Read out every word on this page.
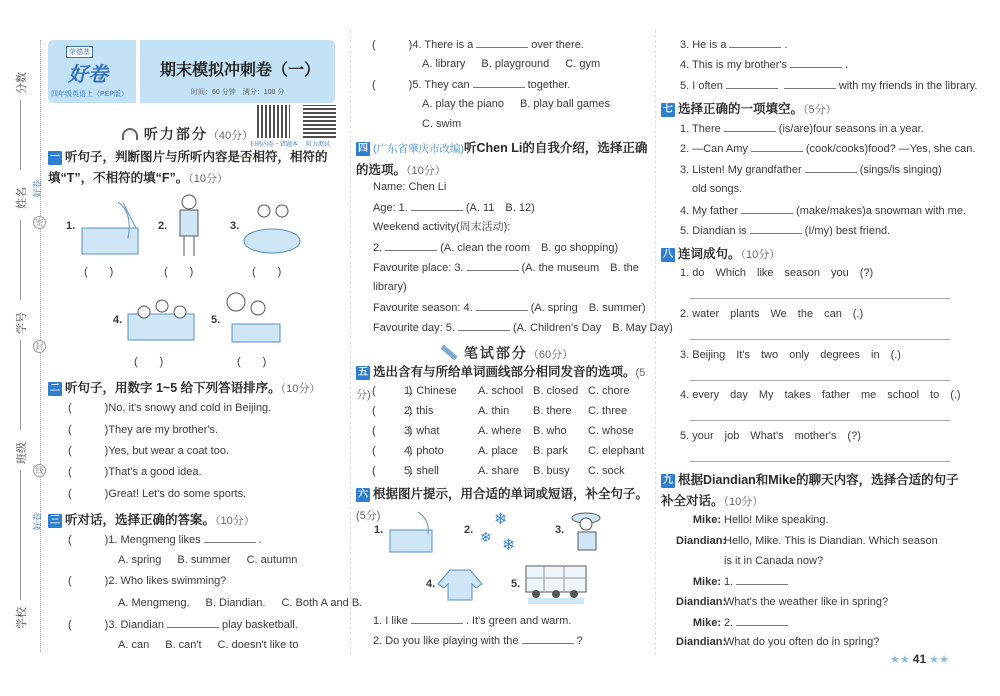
分数
姓名
学号
班级
学校
好卷
好卷
密
封
线
荣德基
好卷
四年级英语上（PEP版）
期末模拟冲刺卷（一）
时间：60 分钟　满分：100 分
扫码内卷・错题本 听力测试
听力部分（40分）
笔试部分（60分）
1.	2.	3.
(　　)	(　　)	(　　)
4.	5.
(　　)	(　　)
1.	2.
❄
❄ ❄
3.
4.	5.
一 听句子，判断图片与所听内容是否相符，相符的填“T”，不相符的填“F”。（10分）
二 听句子，用数字 1~5 给下列答语排序。（10分）
(　　　)No, it's snowy and cold in Beijing.
(　　　)They are my brother's.
(　　　)Yes, but wear a coat too.
(　　　)That's a good idea.
(　　　)Great! Let's do some sports.
三 听对话，选择正确的答案。（10分）
(　　　)1. Mengmeng likes	.
A. spring B. summer C. autumn
(　　　)2. Who likes swimming?
A. Mengmeng. B. Diandian. C. Both A and B.
(　　　)3. Diandian	play basketball.
A. can B. can't C. doesn't like to
(　　　)4. There is a	over there.
A. library B. playground C. gym
(　　　)5. They can	together.
A. play the piano B. play ball games
C. swim
四 (广东省肇庆市改编)听Chen Li的自我介绍，选择正确的选项。（10分）
Name: Chen Li
Age: 1.	(A. 11　B. 12)
Weekend activity(周末活动):
2.	(A. clean the room　B. go shopping)
Favourite place: 3.	(A. the museum　B. the
library)
Favourite season: 4.	(A. spring　B. summer)
Favourite day: 5.	(A. Children's Day　B. May Day)
五 选出含有与所给单词画线部分相同发音的选项。(5分) (　　　)
1. Chinese A. school B. closed C. chore
(　　　)
2. this	A. thin B. there C. three
(　　　)
3. what	A. where B. who C. whose
(　　　)
4. photo	A. place B. park C. elephant
(　　　)
5. shell	A. share B. busy C. sock
六 根据图片提示，用合适的单词或短语，补全句子。(5分)
1. I like	. It's green and warm.
2. Do you like playing with the	?
3. He is a	.
4. This is my brother's	.
5. I often	with my friends in the library.
七 选择正确的一项填空。（5分）
1. There	(is/are)four seasons in a year.
2. —Can Amy	(cook/cooks)food? —Yes, she can.
3. Listen! My grandfather	(sings/is singing)
old songs.
4. My father	(make/makes)a snowman with me.
5. Diandian is	(I/my) best friend.
八 连词成句。（10分）
1. do　Which　like　season　you　(?)
2. water　plants　We　the　can　(.)
3. Beijing　It's　two　only　degrees　in　(.)
4. every　day　My　takes　father　me　school　to　(.)
5. your　job　What's　mother's　(?)
九 根据Diandian和Mike的聊天内容，选择合适的句子补全对话。（10分）
Mike: Hello! Mike speaking.
Diandian:Hello, Mike. This is Diandian. Which season
is it in Canada now?
Mike: 1.
Diandian:What's the weather like in spring?
Mike: 2.
Diandian:What do you often do in spring?
★★ 41 ★★
